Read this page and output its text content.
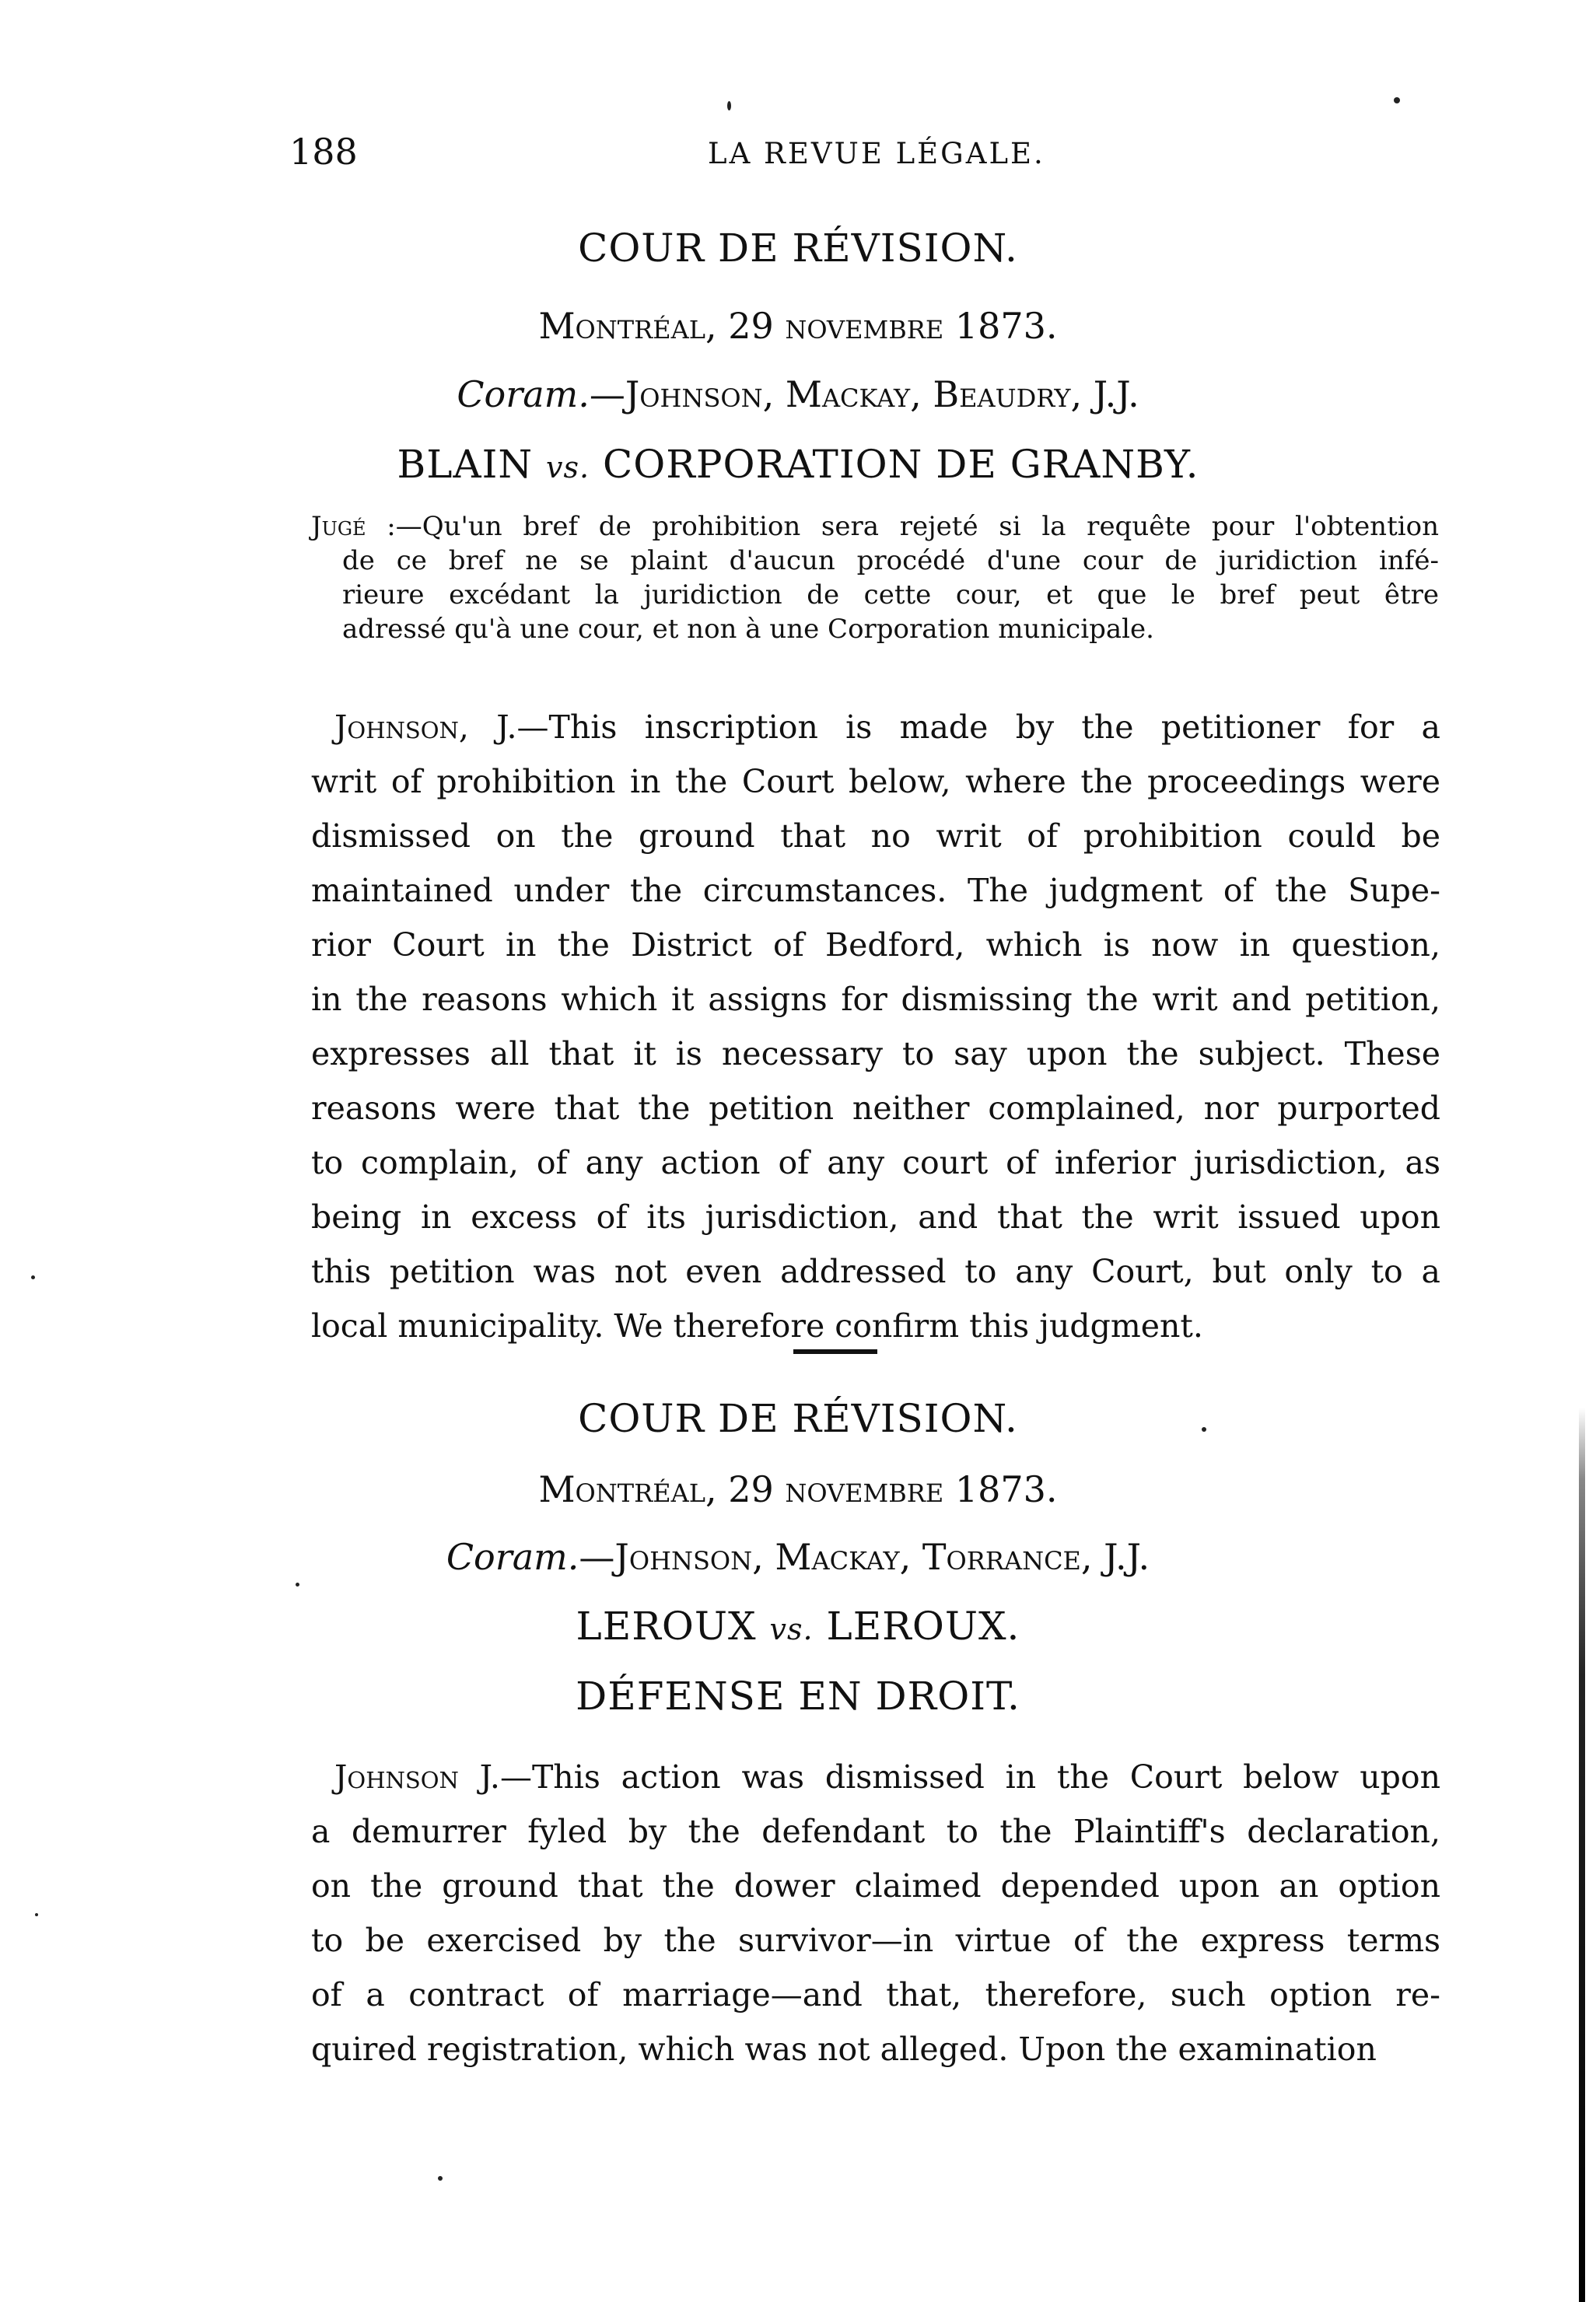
188	LA REVUE LÉGALE.
COUR DE RÉVISION.
Montréal, 29 novembre 1873.
Coram.—Johnson, Mackay, Beaudry, J.J.
BLAIN vs. CORPORATION DE GRANBY.
Jugé :—Qu'un bref de prohibition sera rejeté si la requête pour l'obtention
de ce bref ne se plaint d'aucun procédé d'une cour de juridiction infé-
rieure excédant la juridiction de cette cour, et que le bref peut être
adressé qu'à une cour, et non à une Corporation municipale.
Johnson, J.—This inscription is made by the petitioner for a
writ of prohibition in the Court below, where the proceedings were
dismissed on the ground that no writ of prohibition could be
maintained under the circumstances. The judgment of the Supe-
rior Court in the District of Bedford, which is now in question,
in the reasons which it assigns for dismissing the writ and petition,
expresses all that it is necessary to say upon the subject. These
reasons were that the petition neither complained, nor purported
to complain, of any action of any court of inferior jurisdiction, as
being in excess of its jurisdiction, and that the writ issued upon
this petition was not even addressed to any Court, but only to a
local municipality. We therefore confirm this judgment.
COUR DE RÉVISION.
Montréal, 29 novembre 1873.
Coram.—Johnson, Mackay, Torrance, J.J.
LEROUX vs. LEROUX.
DÉFENSE EN DROIT.
Johnson J.—This action was dismissed in the Court below upon
a demurrer fyled by the defendant to the Plaintiff's declaration,
on the ground that the dower claimed depended upon an option
to be exercised by the survivor—in virtue of the express terms
of a contract of marriage—and that, therefore, such option re-
quired registration, which was not alleged. Upon the examination
